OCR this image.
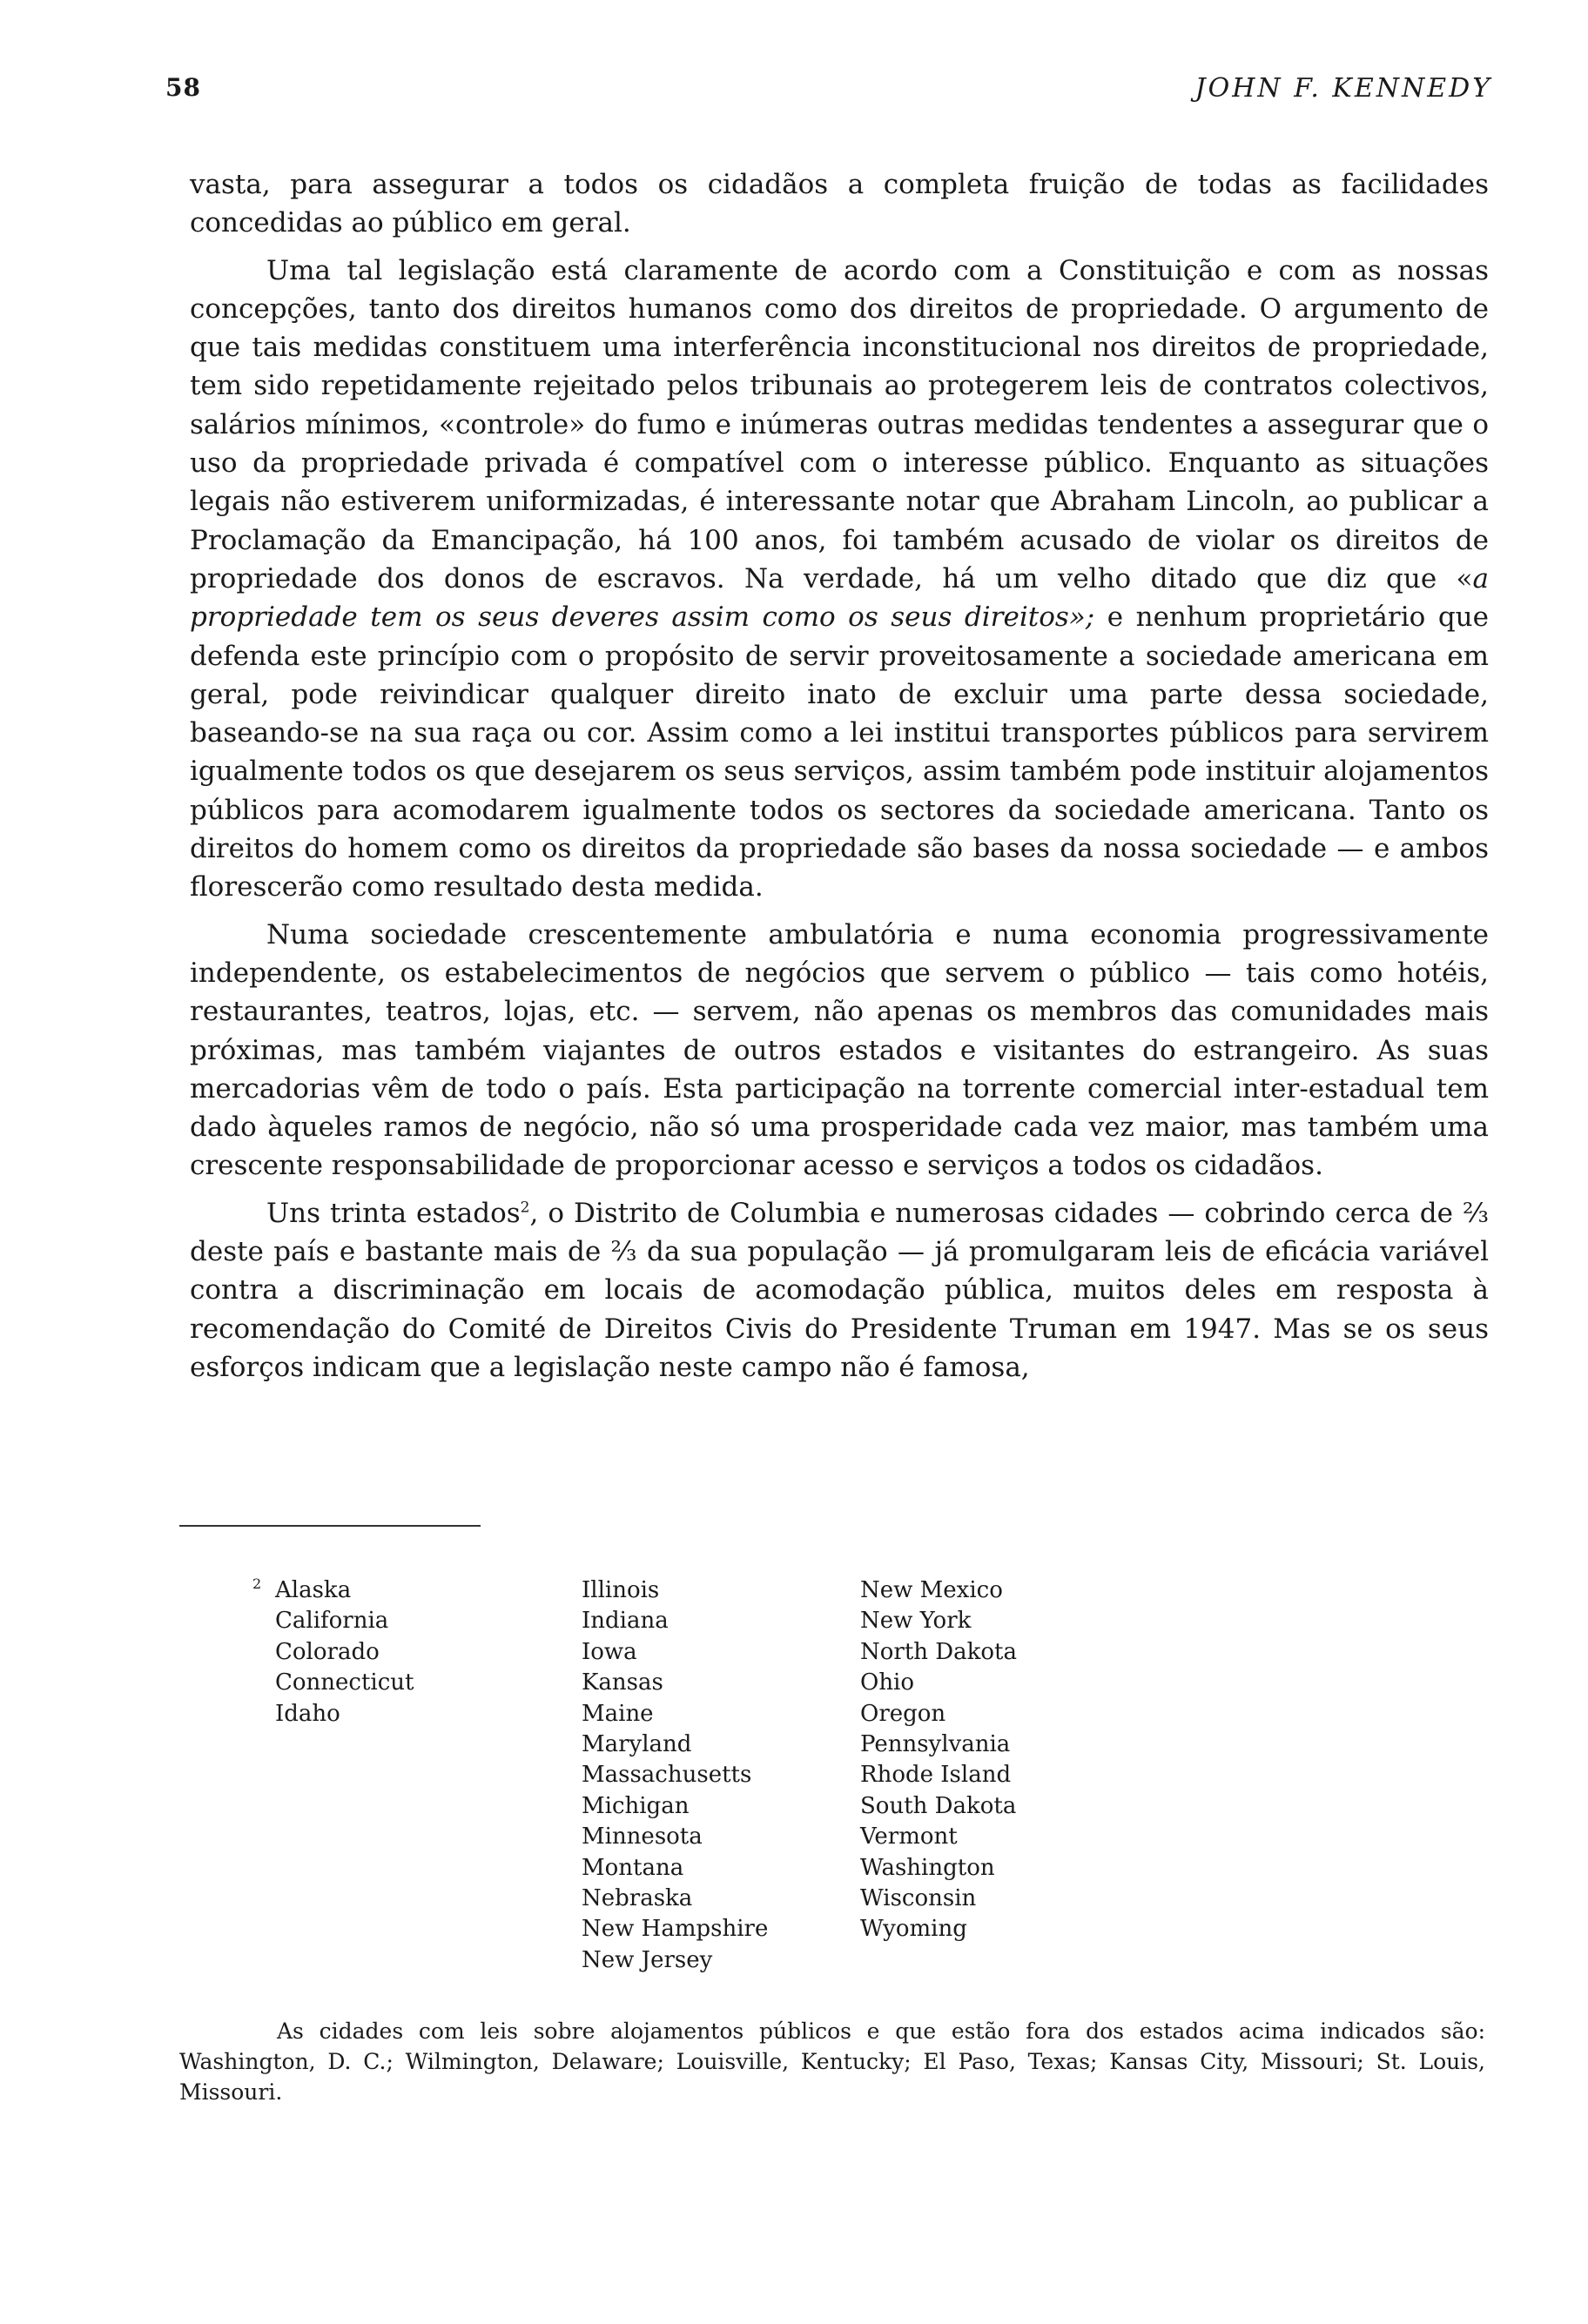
58	JOHN F. KENNEDY

vasta, para assegurar a todos os cidadãos a completa fruição de todas as facilidades concedidas ao público em geral.

Uma tal legislação está claramente de acordo com a Constituição e com as nossas concepções, tanto dos direitos humanos como dos direitos de propriedade. O argumento de que tais medidas constituem uma interferência inconstitucional nos direitos de propriedade, tem sido repetidamente rejeitado pelos tribunais ao protegerem leis de contratos colectivos, salários mínimos, «controle» do fumo e inúmeras outras medidas tendentes a assegurar que o uso da propriedade privada é compatível com o interesse público. Enquanto as situações legais não estiverem uniformizadas, é interessante notar que Abraham Lincoln, ao publicar a Proclamação da Emancipação, há 100 anos, foi também acusado de violar os direitos de propriedade dos donos de escravos. Na verdade, há um velho ditado que diz que «a propriedade tem os seus deveres assim como os seus direitos»; e nenhum proprietário que defenda este princípio com o propósito de servir proveitosamente a sociedade americana em geral, pode reivindicar qualquer direito inato de excluir uma parte dessa sociedade, baseando-se na sua raça ou cor. Assim como a lei institui transportes públicos para servirem igualmente todos os que desejarem os seus serviços, assim também pode instituir alojamentos públicos para acomodarem igualmente todos os sectores da sociedade americana. Tanto os direitos do homem como os direitos da propriedade são bases da nossa sociedade — e ambos florescerão como resultado desta medida.

Numa sociedade crescentemente ambulatória e numa economia progressivamente independente, os estabelecimentos de negócios que servem o público — tais como hotéis, restaurantes, teatros, lojas, etc. — servem, não apenas os membros das comunidades mais próximas, mas também viajantes de outros estados e visitantes do estrangeiro. As suas mercadorias vêm de todo o país. Esta participação na torrente comercial inter-estadual tem dado àqueles ramos de negócio, não só uma prosperidade cada vez maior, mas também uma crescente responsabilidade de proporcionar acesso e serviços a todos os cidadãos.

Uns trinta estados$^2$, o Distrito de Columbia e numerosas cidades — cobrindo cerca de ⅔ deste país e bastante mais de ⅔ da sua população — já promulgaram leis de eficácia variável contra a discriminação em locais de acomodação pública, muitos deles em resposta à recomendação do Comité de Direitos Civis do Presidente Truman em 1947. Mas se os seus esforços indicam que a legislação neste campo não é famosa,

2 Alaska
California
Colorado
Connecticut
Idaho
Illinois
Indiana
Iowa
Kansas
Maine
Maryland
Massachusetts
Michigan
Minnesota
Montana
Nebraska
New Hampshire
New Jersey
New Mexico
New York
North Dakota
Ohio
Oregon
Pennsylvania
Rhode Island
South Dakota
Vermont
Washington
Wisconsin
Wyoming

As cidades com leis sobre alojamentos públicos e que estão fora dos estados acima indicados são: Washington, D. C.; Wilmington, Delaware; Louisville, Kentucky; El Paso, Texas; Kansas City, Missouri; St. Louis, Missouri.
